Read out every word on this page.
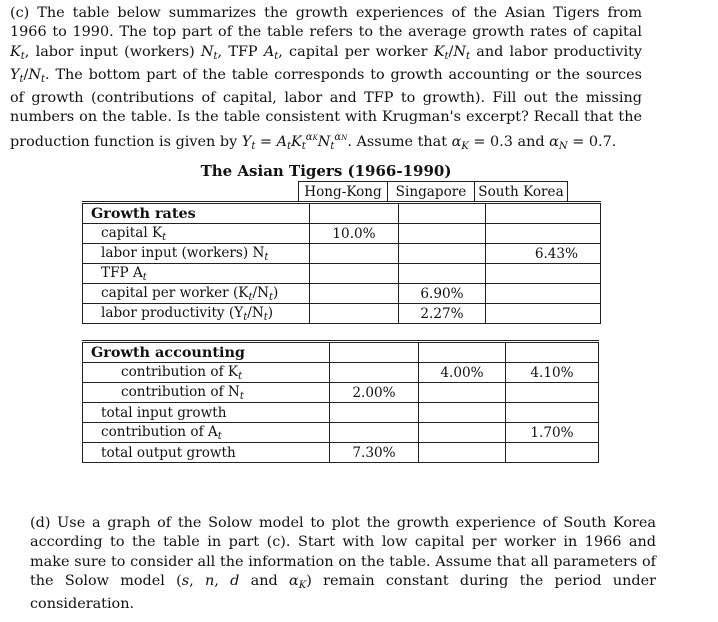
(c) The table below summarizes the growth experiences of the Asian Tigers from 1966 to 1990. The top part of the table refers to the average growth rates of capital $K_t$, labor input (workers) $N_t$, TFP $A_t$, capital per worker $K_t/N_t$ and labor productivity $Y_t/N_t$. The bottom part of the table corresponds to growth accounting or the sources of growth (contributions of capital, labor and TFP to growth). Fill out the missing numbers on the table. Is the table consistent with Krugman's excerpt? Recall that the production function is given by $Y_t = A_tK_t^{\alpha K}N_t^{\alpha N}$. Assume that $\alpha_K = 0.3$ and $\alpha_N = 0.7$.

The Asian Tigers (1966-1990)
	Hong-Kong	Singapore	South Korea
Growth rates			
capital $K_t$	10.0%		
labor input (workers) $N_t$			6.43%
TFP $A_t$			
capital per worker $(K_t/N_t)$		6.90%	
labor productivity $(Y_t/N_t)$		2.27%	
Growth accounting			
contribution of $K_t$		4.00%	4.10%
contribution of $N_t$	2.00%		
total input growth			
contribution of $A_t$			1.70%
total output growth	7.30%		

(d) Use a graph of the Solow model to plot the growth experience of South Korea according to the table in part (c). Start with low capital per worker in 1966 and make sure to consider all the information on the table. Assume that all parameters of the Solow model (s, n, d and $\alpha_K$) remain constant during the period under consideration.
